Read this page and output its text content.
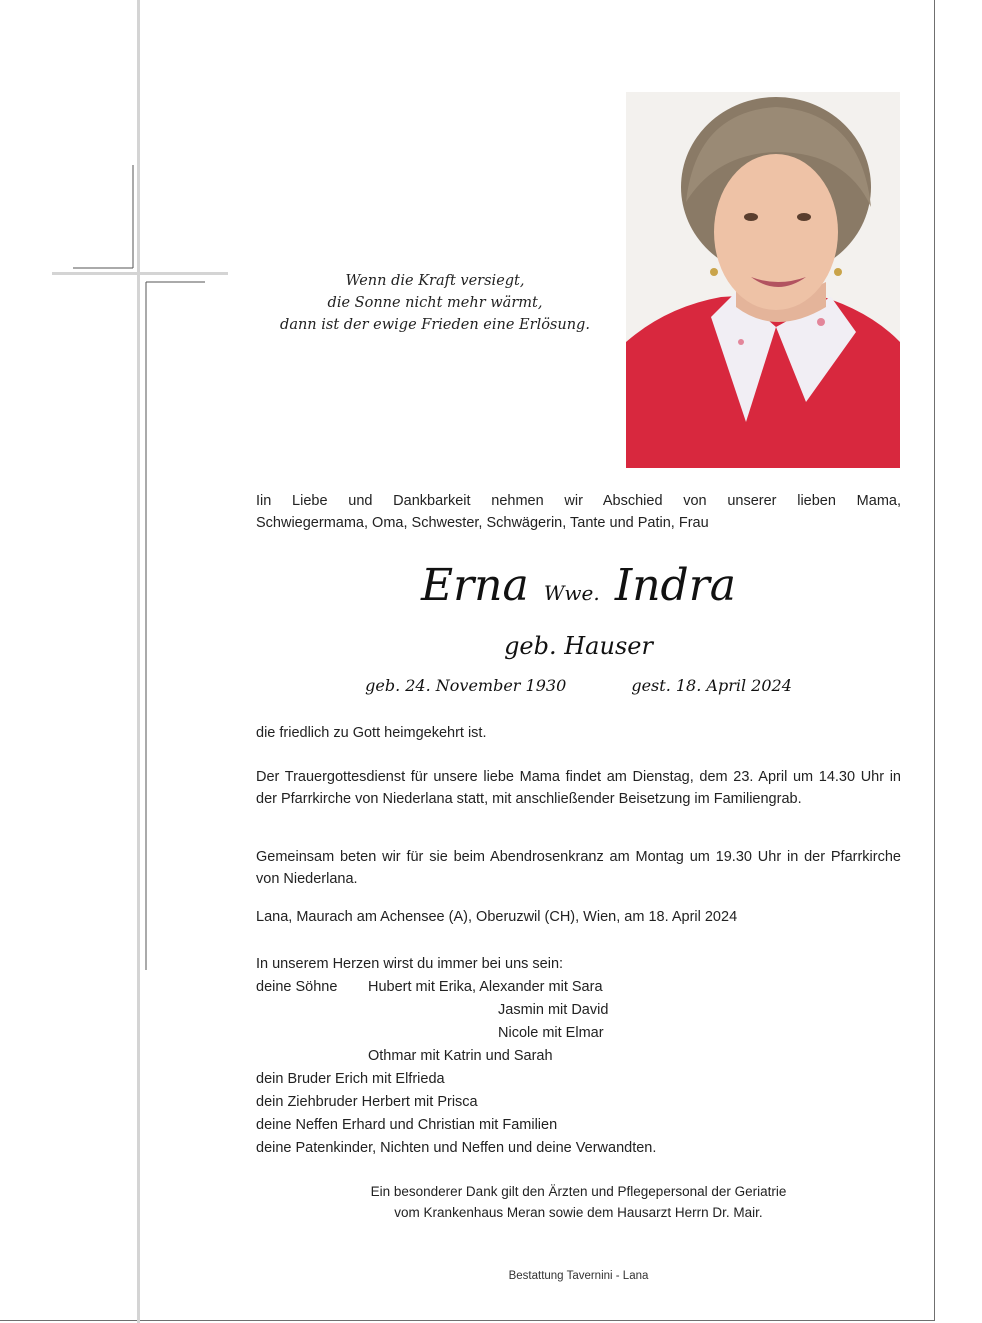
Wenn die Kraft versiegt,
die Sonne nicht mehr wärmt,
dann ist der ewige Frieden eine Erlösung.
Iin Liebe und Dankbarkeit nehmen wir Abschied von unserer lieben Mama,
Schwiegermama, Oma, Schwester, Schwägerin, Tante und Patin, Frau
Erna Wwe. Indra
geb. Hauser
geb. 24. November 1930	gest. 18. April 2024
die friedlich zu Gott heimgekehrt ist.
Der Trauergottesdienst für unsere liebe Mama findet am Dienstag, dem 23. April um 14.30 Uhr in der Pfarrkirche von Niederlana statt, mit anschließender Beisetzung im Familiengrab.
Gemeinsam beten wir für sie beim Abendrosenkranz am Montag um 19.30 Uhr in der Pfarrkirche von Niederlana.
Lana, Maurach am Achensee (A), Oberuzwil (CH), Wien, am 18. April 2024
In unserem Herzen wirst du immer bei uns sein:
deine Söhne Hubert mit Erika, Alexander mit Sara
Jasmin mit David
Nicole mit Elmar
Othmar mit Katrin und Sarah
dein Bruder Erich mit Elfrieda
dein Ziehbruder Herbert mit Prisca
deine Neffen Erhard und Christian mit Familien
deine Patenkinder, Nichten und Neffen und deine Verwandten.
Ein besonderer Dank gilt den Ärzten und Pflegepersonal der Geriatrie
vom Krankenhaus Meran sowie dem Hausarzt Herrn Dr. Mair.
Bestattung Tavernini - Lana
